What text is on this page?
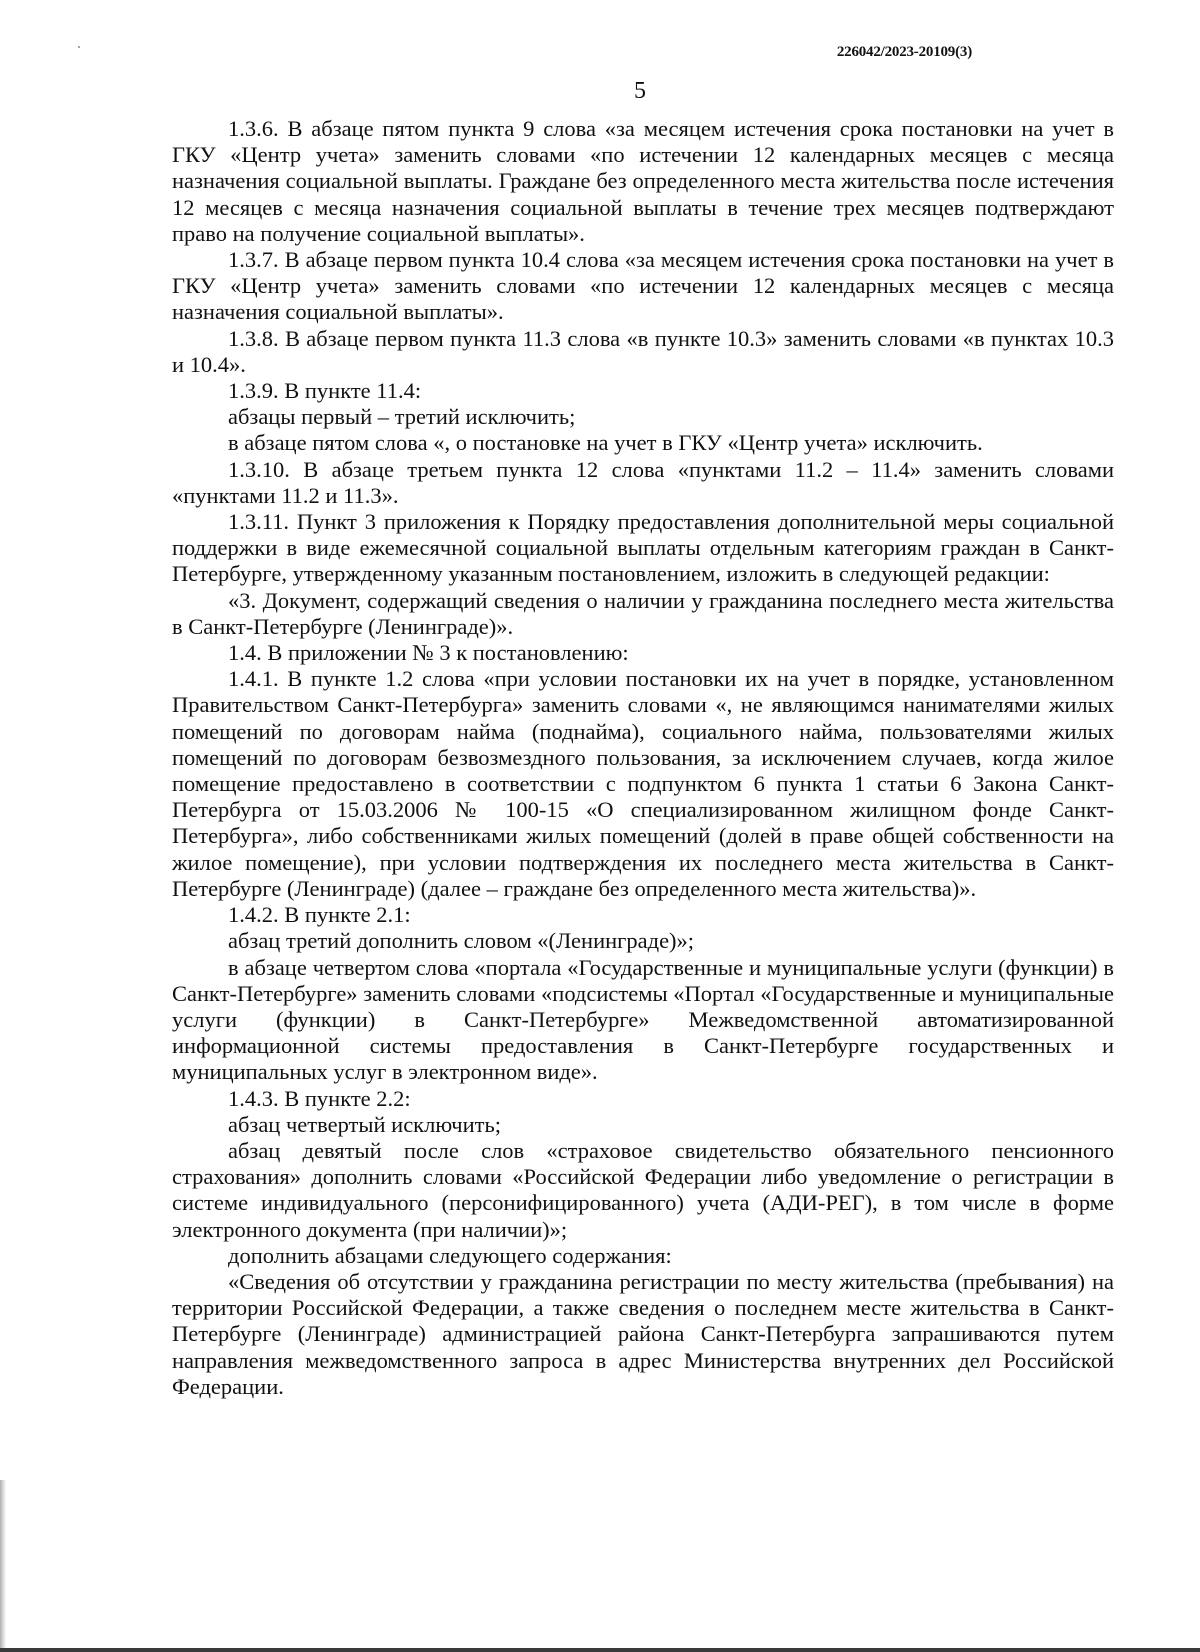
226042/2023-20109(3)
5

1.3.6. В абзаце пятом пункта 9 слова «за месяцем истечения срока постановки на учет в ГКУ «Центр учета» заменить словами «по истечении 12 календарных месяцев с месяца назначения социальной выплаты. Граждане без определенного места жительства после истечения 12 месяцев с месяца назначения социальной выплаты в течение трех месяцев подтверждают право на получение социальной выплаты».

1.3.7. В абзаце первом пункта 10.4 слова «за месяцем истечения срока постановки на учет в ГКУ «Центр учета» заменить словами «по истечении 12 календарных месяцев с месяца назначения социальной выплаты».

1.3.8. В абзаце первом пункта 11.3 слова «в пункте 10.3» заменить словами «в пунктах 10.3 и 10.4».

1.3.9. В пункте 11.4:

абзацы первый – третий исключить;

в абзаце пятом слова «, о постановке на учет в ГКУ «Центр учета» исключить.

1.3.10. В абзаце третьем пункта 12 слова «пунктами 11.2 – 11.4» заменить словами «пунктами 11.2 и 11.3».

1.3.11. Пункт 3 приложения к Порядку предоставления дополнительной меры социальной поддержки в виде ежемесячной социальной выплаты отдельным категориям граждан в Санкт-Петербурге, утвержденному указанным постановлением, изложить в следующей редакции:

«3. Документ, содержащий сведения о наличии у гражданина последнего места жительства в Санкт-Петербурге (Ленинграде)».

1.4. В приложении № 3 к постановлению:

1.4.1. В пункте 1.2 слова «при условии постановки их на учет в порядке, установленном Правительством Санкт-Петербурга» заменить словами «, не являющимся нанимателями жилых помещений по договорам найма (поднайма), социального найма, пользователями жилых помещений по договорам безвозмездного пользования, за исключением случаев, когда жилое помещение предоставлено в соответствии с подпунктом 6 пункта 1 статьи 6 Закона Санкт-Петербурга от 15.03.2006 № 100-15 «О специализированном жилищном фонде Санкт-Петербурга», либо собственниками жилых помещений (долей в праве общей собственности на жилое помещение), при условии подтверждения их последнего места жительства в Санкт-Петербурге (Ленинграде) (далее – граждане без определенного места жительства)».

1.4.2. В пункте 2.1:

абзац третий дополнить словом «(Ленинграде)»;

в абзаце четвертом слова «портала «Государственные и муниципальные услуги (функции) в Санкт-Петербурге» заменить словами «подсистемы «Портал «Государственные и муниципальные услуги (функции) в Санкт-Петербурге» Межведомственной автоматизированной информационной системы предоставления в Санкт-Петербурге государственных и муниципальных услуг в электронном виде».

1.4.3. В пункте 2.2:

абзац четвертый исключить;

абзац девятый после слов «страховое свидетельство обязательного пенсионного страхования» дополнить словами «Российской Федерации либо уведомление о регистрации в системе индивидуального (персонифицированного) учета (АДИ-РЕГ), в том числе в форме электронного документа (при наличии)»;

дополнить абзацами следующего содержания:

«Сведения об отсутствии у гражданина регистрации по месту жительства (пребывания) на территории Российской Федерации, а также сведения о последнем месте жительства в Санкт-Петербурге (Ленинграде) администрацией района Санкт-Петербурга запрашиваются путем направления межведомственного запроса в адрес Министерства внутренних дел Российской Федерации.
